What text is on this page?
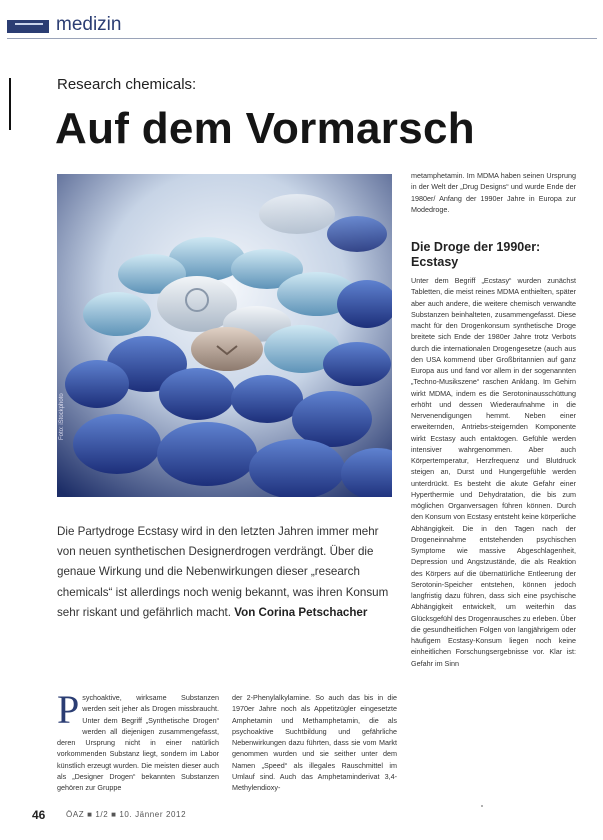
medizin
Research chemicals:
Auf dem Vormarsch
Foto: iStockphoto
metamphetamin. Im MDMA haben seinen Ursprung in der Welt der „Drug Designs“ und wurde Ende der 1980er/ Anfang der 1990er Jahre in Europa zur Modedroge.
Die Droge der 1990er: Ecstasy
Unter dem Begriff „Ecstasy“ wurden zunächst Tabletten, die meist reines MDMA enthielten, später aber auch andere, die weitere chemisch verwandte Substanzen beinhalteten, zusammengefasst. Diese macht für den Drogenkonsum synthetische Droge breitete sich Ende der 1980er Jahre trotz Verbots durch die internationalen Drogengesetze (auch aus den USA kommend über Großbritannien auf ganz Europa aus und fand vor allem in der sogenannten „Techno-Musikszene“ raschen Anklang. Im Gehirn wirkt MDMA, indem es die Serotoninausschüttung erhöht und dessen Wiederaufnahme in die Nervenendigungen hemmt. Neben einer erweiternden, Antriebs-steigernden Komponente wirkt Ecstasy auch entaktogen. Gefühle werden intensiver wahrgenommen. Aber auch Körpertemperatur, Herzfrequenz und Blutdruck steigen an, Durst und Hungergefühle werden unterdrückt. Es besteht die akute Gefahr einer Hyperthermie und Dehydratation, die bis zum möglichen Organversagen führen können. Durch den Konsum von Ecstasy entsteht keine körperliche Abhängigkeit. Die in den Tagen nach der Drogeneinnahme entstehenden psychischen Symptome wie massive Abgeschlagenheit, Depression und Angstzustände, die als Reaktion des Körpers auf die übernatürliche Entleerung der Serotonin-Speicher entstehen, können jedoch langfristig dazu führen, dass sich eine psychische Abhängigkeit entwickelt, um weiterhin das Glücksgefühl des Drogenrausches zu erleben. Über die gesundheitlichen Folgen von langjährigem oder häufigem Ecstasy-Konsum liegen noch keine einheitlichen Forschungsergebnisse vor. Klar ist: Gefahr im Sinn
Die Partydroge Ecstasy wird in den letzten Jahren immer mehr von neuen synthetischen Designerdrogen verdrängt. Über die genaue Wirkung und die Nebenwirkungen dieser „research chemicals“ ist allerdings noch wenig bekannt, was ihren Konsum sehr riskant und gefährlich macht. Von Corina Petschacher
P sychoaktive, wirksame Substanzen werden seit jeher als Drogen missbraucht. Unter dem Begriff „Synthetische Drogen“ werden all diejenigen zusammengefasst, deren Ursprung nicht in einer natürlich vorkommenden Substanz liegt, sondern im Labor künstlich erzeugt wurden. Die meisten dieser auch als „Designer Drogen“ bekannten Substanzen gehören zur Gruppe
der 2-Phenylalkylamine. So auch das bis in die 1970er Jahre noch als Appetitzügler eingesetzte Amphetamin und Methamphetamin, die als psychoaktive Suchtbildung und gefährliche Nebenwirkungen dazu führten, dass sie vom Markt genommen wurden und sie seither unter dem Namen „Speed“ als illegales Rauschmittel im Umlauf sind. Auch das Amphetaminderivat 3,4-Methylendioxy-
46	ÖAZ ■ 1/2 ■ 10. Jänner 2012
